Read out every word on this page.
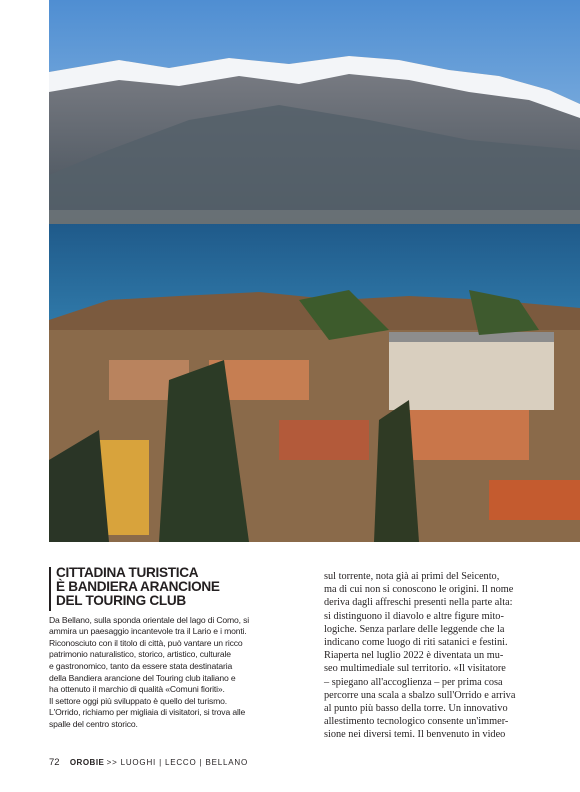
CITTADINA TURISTICA
È BANDIERA ARANCIONE
DEL TOURING CLUB
Da Bellano, sulla sponda orientale del lago di Como, si
ammira un paesaggio incantevole tra il Lario e i monti.
Riconosciuto con il titolo di città, può vantare un ricco
patrimonio naturalistico, storico, artistico, culturale
e gastronomico, tanto da essere stata destinataria
della Bandiera arancione del Touring club italiano e
ha ottenuto il marchio di qualità «Comuni fioriti».
Il settore oggi più sviluppato è quello del turismo.
L'Orrido, richiamo per migliaia di visitatori, si trova alle
spalle del centro storico.
sul torrente, nota già ai primi del Seicento,
ma di cui non si conoscono le origini. Il nome
deriva dagli affreschi presenti nella parte alta:
si distinguono il diavolo e altre figure mito-
logiche. Senza parlare delle leggende che la
indicano come luogo di riti satanici e festini.
Riaperta nel luglio 2022 è diventata un mu-
seo multimediale sul territorio. «Il visitatore
– spiegano all'accoglienza – per prima cosa
percorre una scala a sbalzo sull'Orrido e arriva
al punto più basso della torre. Un innovativo
allestimento tecnologico consente un'immer-
sione nei diversi temi. Il benvenuto in video
72 OROBIE >> LUOGHI | LECCO | BELLANO
